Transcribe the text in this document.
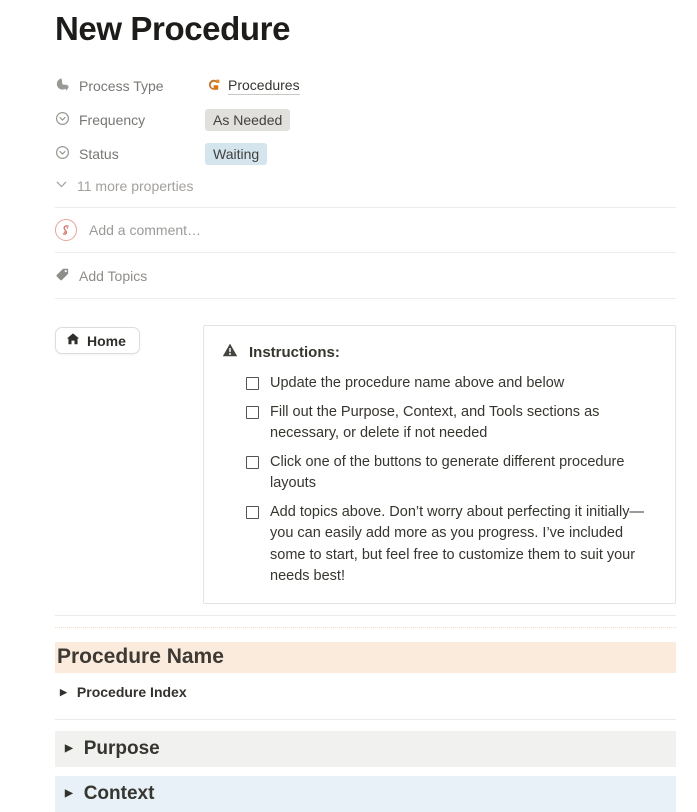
New Procedure
Process Type	Procedures
Frequency	As Needed
Status	Waiting
11 more properties
Add a comment…
Add Topics
Home
Instructions:
Update the procedure name above and below
Fill out the Purpose, Context, and Tools sections as necessary, or delete if not needed
Click one of the buttons to generate different procedure layouts
Add topics above. Don’t worry about perfecting it initially—you can easily add more as you progress. I’ve included some to start, but feel free to customize them to suit your needs best!
Procedure Name
▶ Procedure Index
▶ Purpose
▶ Context
